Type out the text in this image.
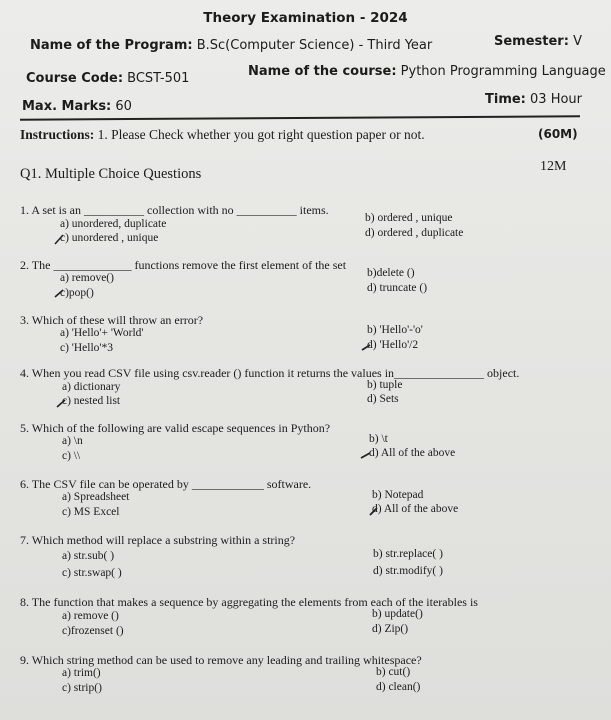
Theory Examination - 2024
Name of the Program: B.Sc(Computer Science) - Third Year	Semester: V
Course Code: BCST-501	Name of the course: Python Programming Language
Max. Marks: 60	Time: 03 Hour
Instructions: 1. Please Check whether you got right question paper or not.	(60M)
Q1. Multiple Choice Questions	12M
1. A set is an __________ collection with no __________ items.
a) unordered, duplicate	b) ordered , unique
c) unordered , unique	d) ordered , duplicate
2. The _____________ functions remove the first element of the set
a) remove()	b)delete ()
c)pop()	d) truncate ()
3. Which of these will throw an error?
a) 'Hello'+ 'World'	b) 'Hello'-'o'
c) 'Hello'*3	d) 'Hello'/2
4. When you read CSV file using csv.reader () function it returns the values in_______________ object.
a) dictionary	b) tuple
c) nested list	d) Sets
5. Which of the following are valid escape sequences in Python?
a) \n	b) \t
c) \\	d) All of the above
6. The CSV file can be operated by ____________ software.
a) Spreadsheet	b) Notepad
c) MS Excel	d) All of the above
7. Which method will replace a substring within a string?
a) str.sub( )	b) str.replace( )
c) str.swap( )	d) str.modify( )
8. The function that makes a sequence by aggregating the elements from each of the iterables is
a) remove ()	b) update()
c)frozenset ()	d) Zip()
9. Which string method can be used to remove any leading and trailing whitespace?
a) trim()	b) cut()
c) strip()	d) clean()
